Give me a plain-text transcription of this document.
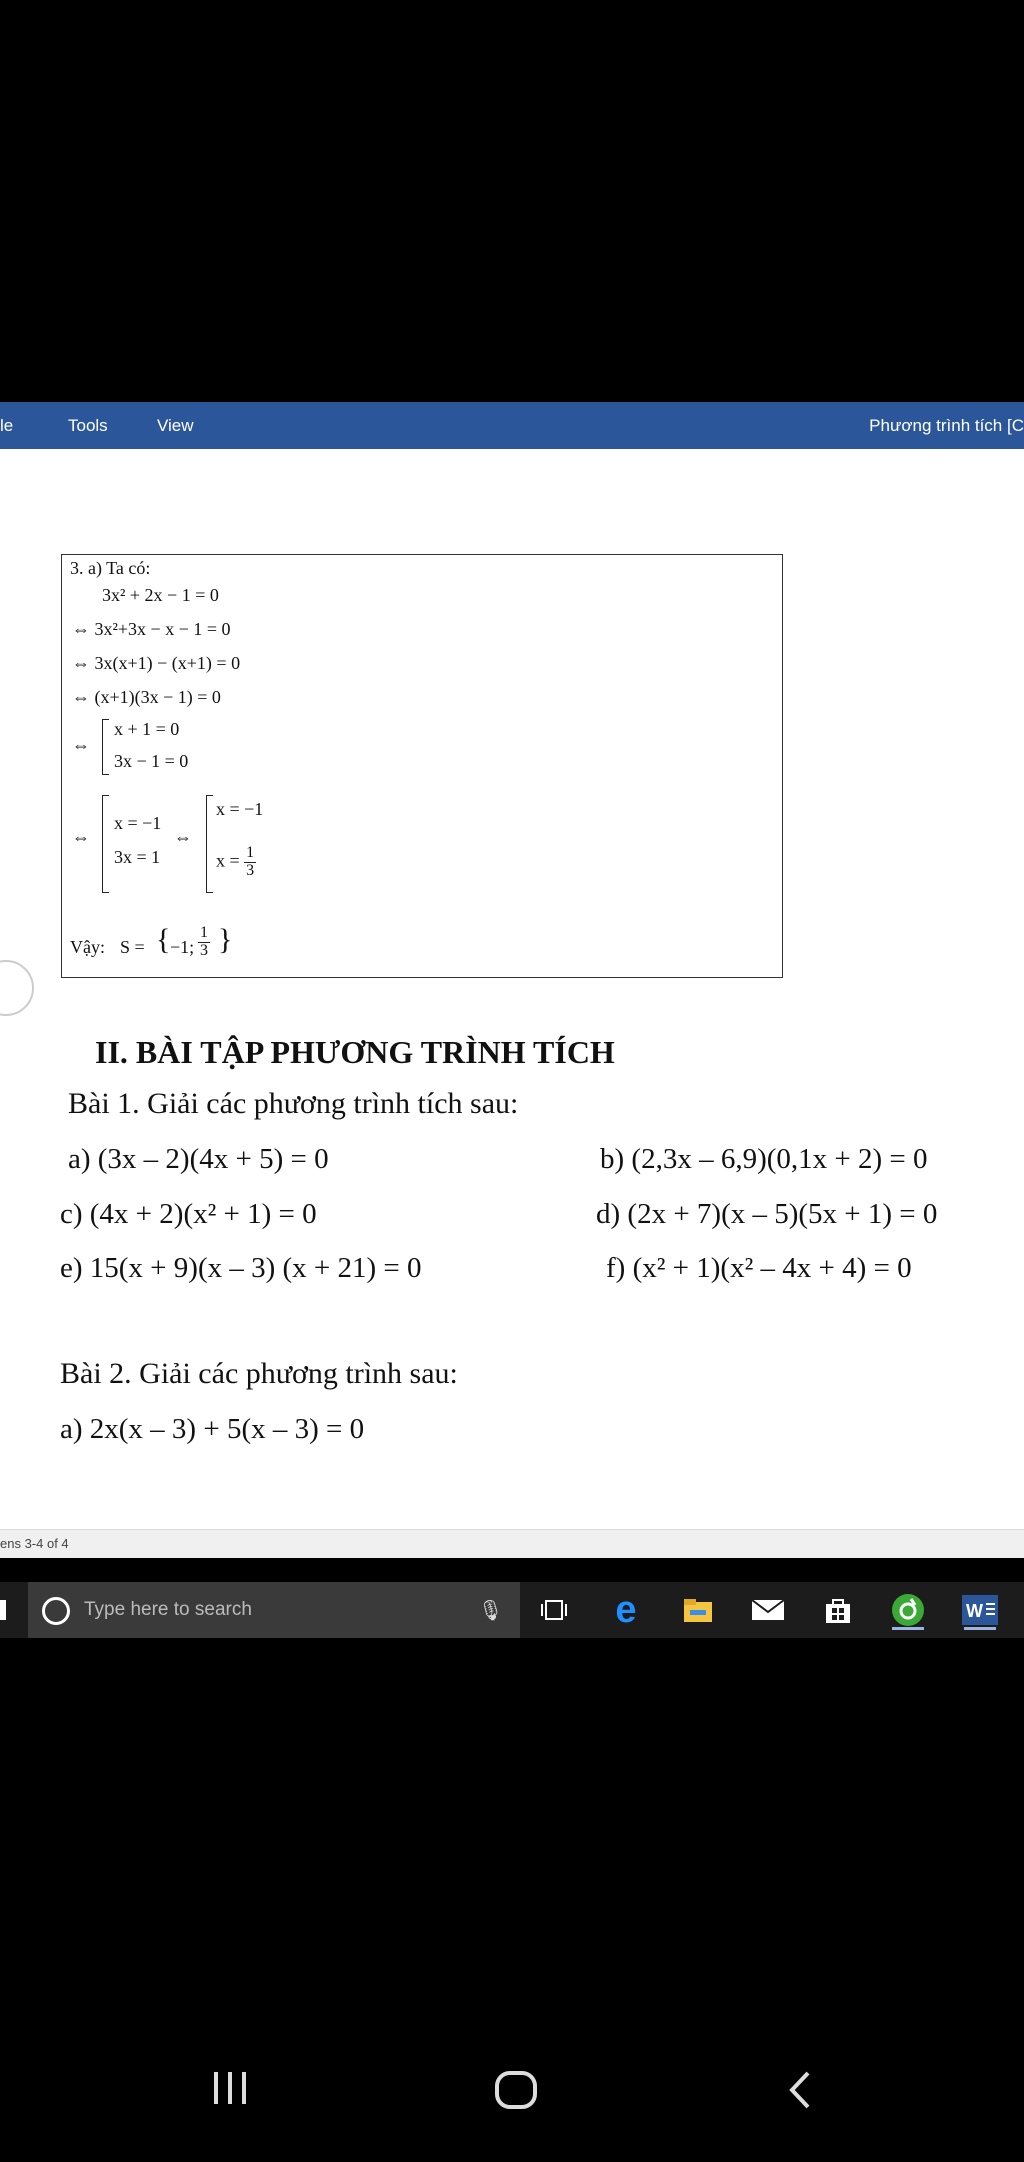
le	Tools	View	Phương trình tích [C
3. a) Ta có:
3x² + 2x − 1 = 0
⇔ 3x²+3x − x − 1 = 0
⇔ 3x(x+1) − (x+1) = 0
⇔ (x+1)(3x − 1) = 0
⇔
x + 1 = 0
3x − 1 = 0
⇔
x = −1
3x = 1
⇔
x = −1
$x = \frac{1}{3}$
Vậy: S = { −1; $\frac{1}{3}$ }
II. BÀI TẬP PHƯƠNG TRÌNH TÍCH
Bài 1. Giải các phương trình tích sau:
a) (3x – 2)(4x + 5) = 0	b) (2,3x – 6,9)(0,1x + 2) = 0
c) (4x + 2)(x² + 1) = 0	d) (2x + 7)(x – 5)(5x + 1) = 0
e) 15(x + 9)(x – 3) (x + 21) = 0	f) (x² + 1)(x² – 4x + 4) = 0
Bài 2. Giải các phương trình sau:
a) 2x(x – 3) + 5(x – 3) = 0
ens 3-4 of 4
Type here to search	🎙	e	W
